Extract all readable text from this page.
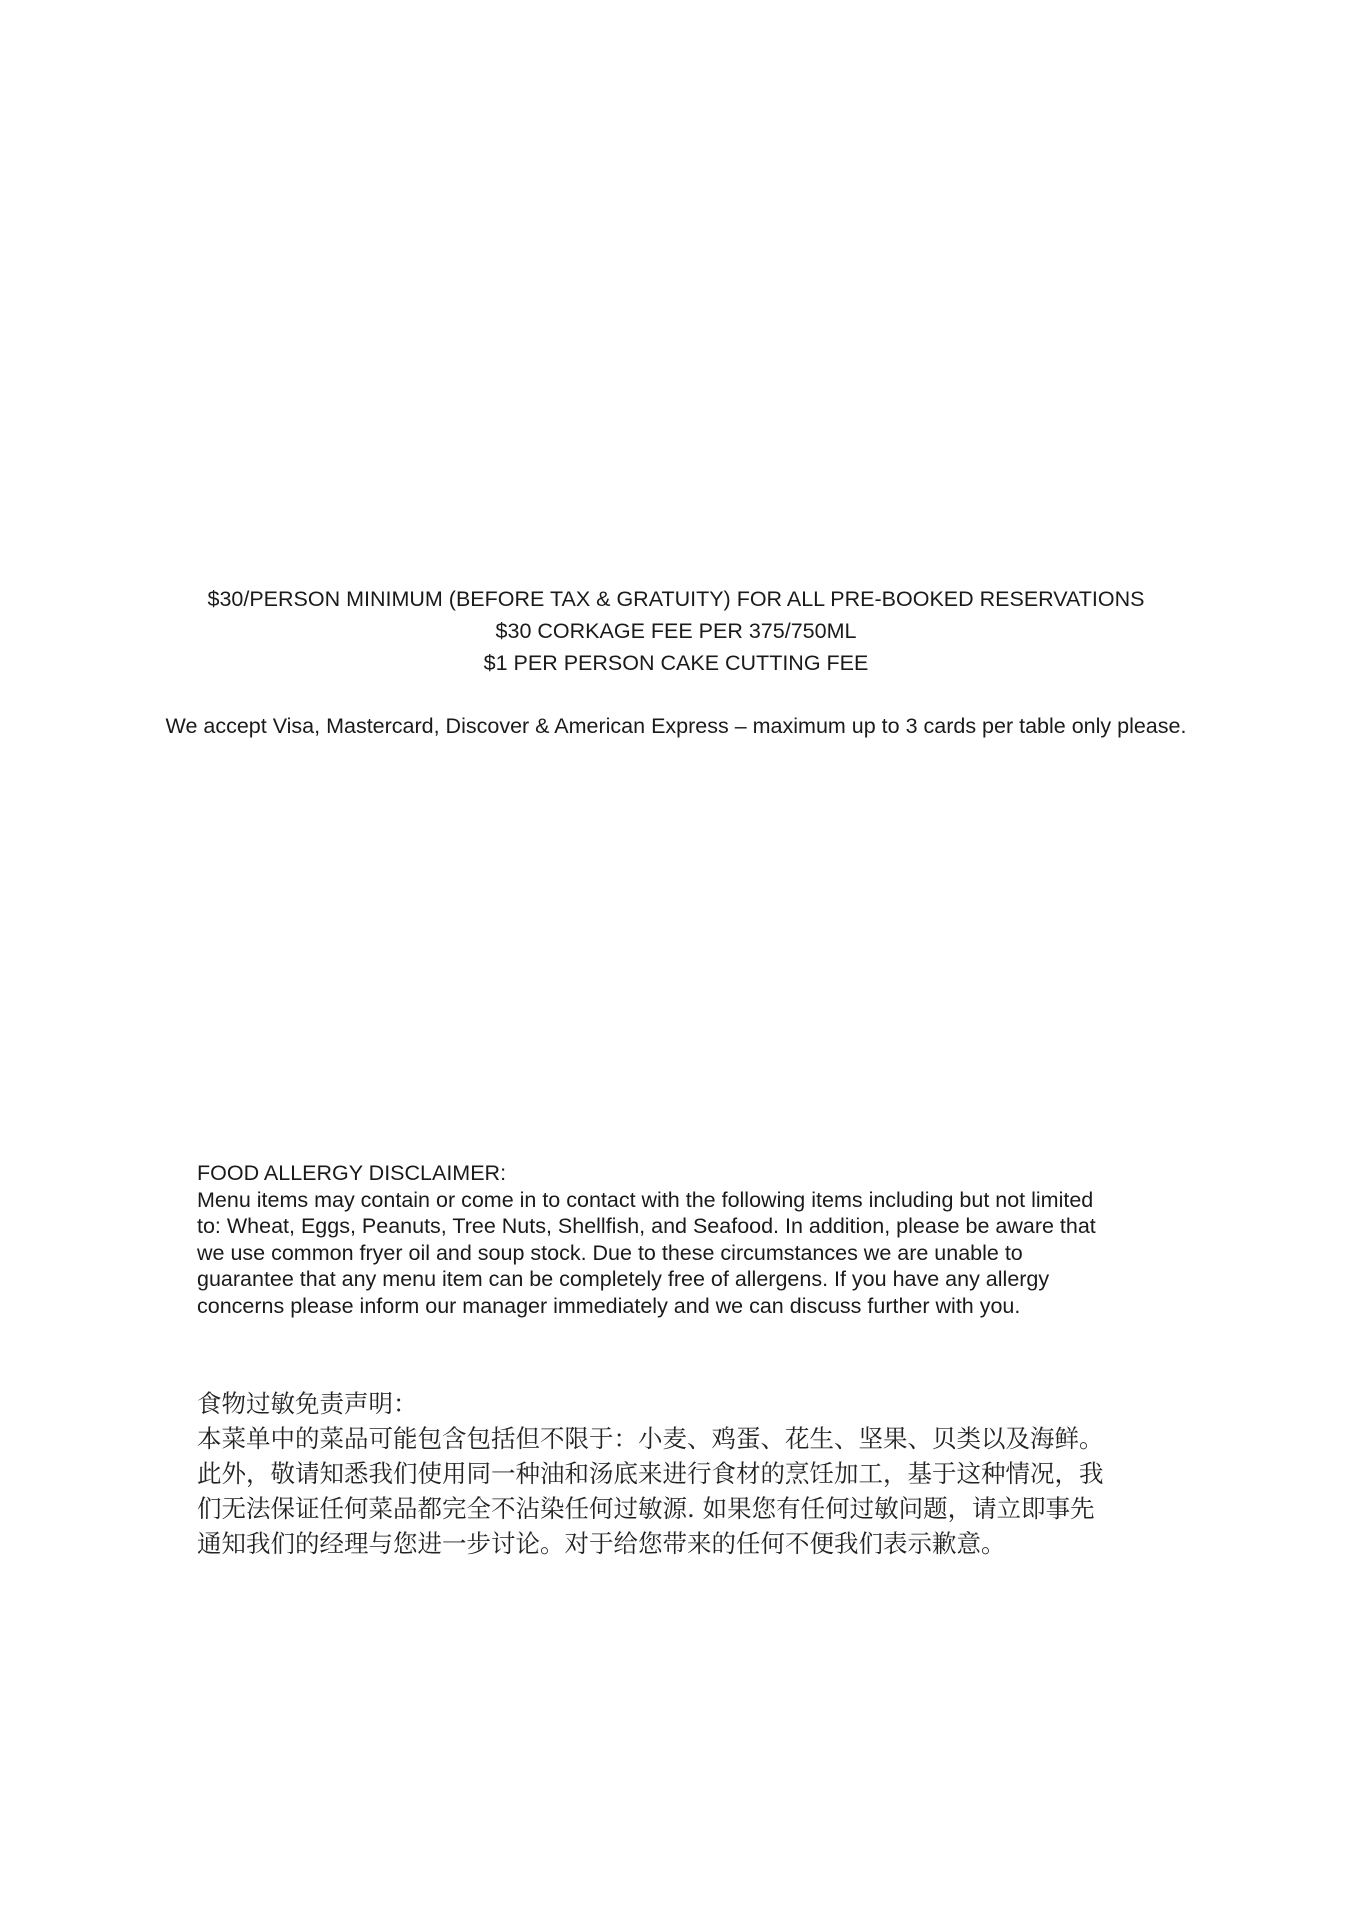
$30/PERSON MINIMUM (BEFORE TAX & GRATUITY) FOR ALL PRE-BOOKED RESERVATIONS
$30 CORKAGE FEE PER 375/750ML
$1 PER PERSON CAKE CUTTING FEE
We accept Visa, Mastercard, Discover & American Express – maximum up to 3 cards per table only please.
FOOD ALLERGY DISCLAIMER:
Menu items may contain or come in to contact with the following items including but not limited
to: Wheat, Eggs, Peanuts, Tree Nuts, Shellfish, and Seafood. In addition, please be aware that
we use common fryer oil and soup stock. Due to these circumstances we are unable to
guarantee that any menu item can be completely free of allergens. If you have any allergy
concerns please inform our manager immediately and we can discuss further with you.
食物过敏免责声明：
本菜单中的菜品可能包含包括但不限于：小麦、鸡蛋、花生、坚果、贝类以及海鲜。
此外，敬请知悉我们使用同一种油和汤底来进行食材的烹饪加工，基于这种情况，我
们无法保证任何菜品都完全不沾染任何过敏源. 如果您有任何过敏问题，请立即事先
通知我们的经理与您进一步讨论。对于给您带来的任何不便我们表示歉意。
